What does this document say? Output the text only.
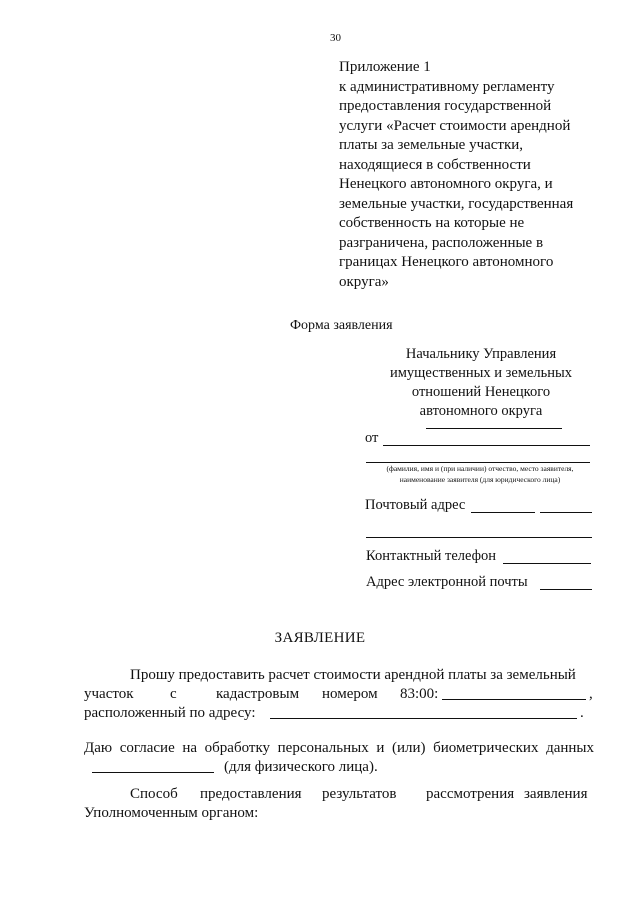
30
Приложение 1
к административному регламенту
предоставления государственной
услуги «Расчет стоимости арендной
платы за земельные участки,
находящиеся в собственности
Ненецкого автономного округа, и
земельные участки, государственная
собственность на которые не
разграничена, расположенные в
границах Ненецкого автономного
округа»
Форма заявления
Начальнику Управления
имущественных и земельных
отношений Ненецкого
автономного округа
от
(фамилия, имя и (при наличии) отчество, место заявителя, наименование заявителя (для юридического лица)
Почтовый адрес
Контактный телефон
Адрес электронной почты
ЗАЯВЛЕНИЕ
Прошу предоставить расчет стоимости арендной платы за земельный
участок с	кадастровым номером 83:00:	,
расположенный по адресу:	.
Даю согласие на обработку персональных и (или) биометрических данных
(для физического лица).
Способ предоставления результатов рассмотрения заявления
Уполномоченным органом:
